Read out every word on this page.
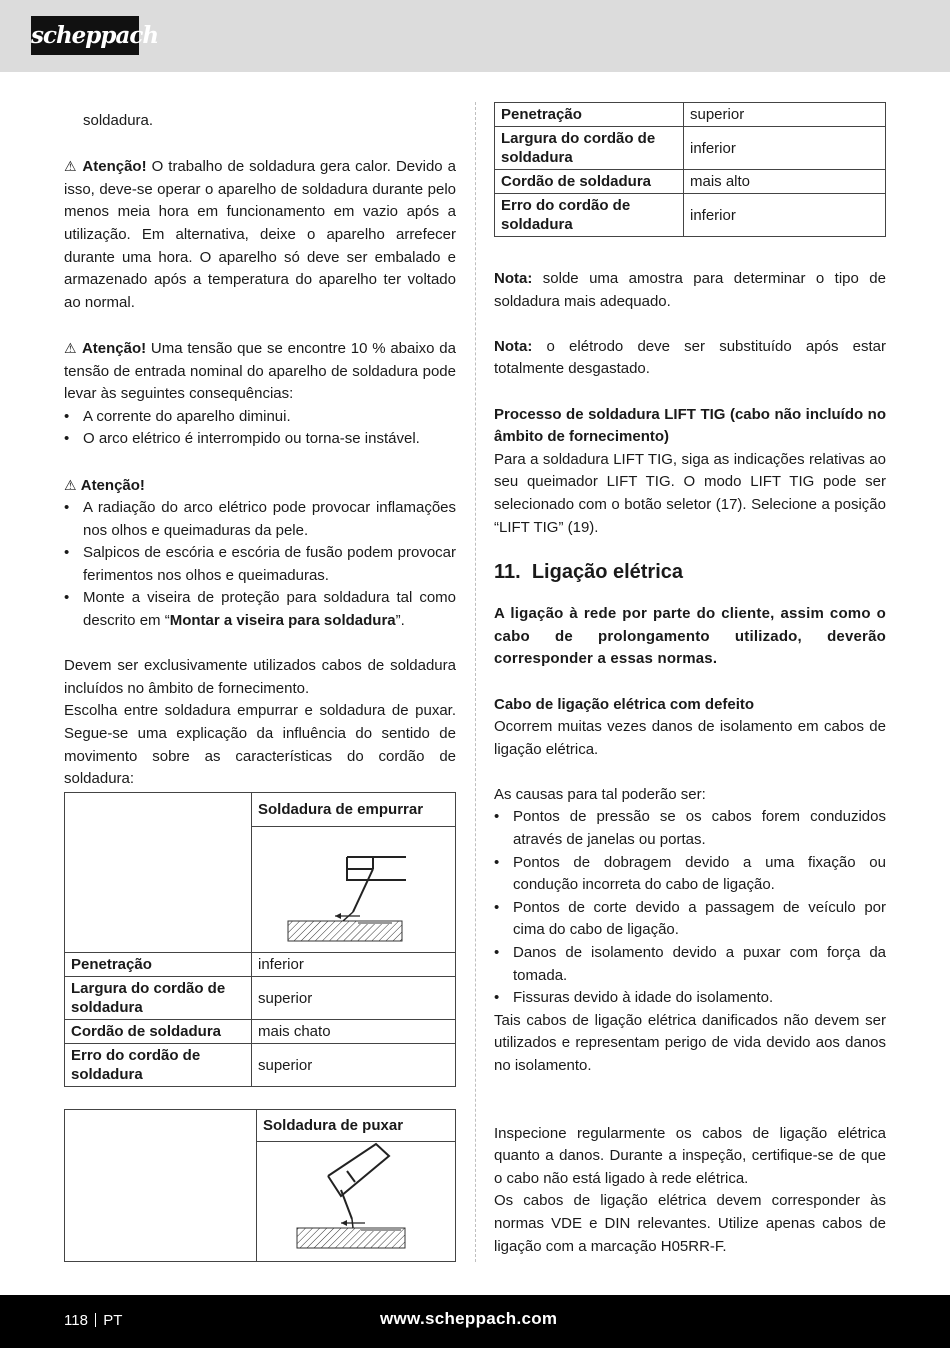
scheppach

soldadura.

⚠ Atenção! O trabalho de soldadura gera calor. Devido a isso, deve-se operar o aparelho de soldadura durante pelo menos meia hora em funcionamento em vazio após a utilização. Em alternativa, deixe o aparelho arrefecer durante uma hora. O aparelho só deve ser embalado e armazenado após a temperatura do aparelho ter voltado ao normal.

⚠ Atenção! Uma tensão que se encontre 10 % abaixo da tensão de entrada nominal do aparelho de soldadura pode levar às seguintes consequências:

• A corrente do aparelho diminui.
• O arco elétrico é interrompido ou torna-se instável.

⚠ Atenção!

• A radiação do arco elétrico pode provocar inflamações nos olhos e queimaduras da pele.
• Salpicos de escória e escória de fusão podem provocar ferimentos nos olhos e queimaduras.
• Monte a viseira de proteção para soldadura tal como descrito em “Montar a viseira para soldadura”.

Devem ser exclusivamente utilizados cabos de soldadura incluídos no âmbito de fornecimento.

Escolha entre soldadura empurrar e soldadura de puxar. Segue-se uma explicação da influência do sentido de movimento sobre as características do cordão de soldadura:

	Soldadura de empurrar

Penetração	inferior
Largura do cordão de soldadura	superior
Cordão de soldadura	mais chato
Erro do cordão de soldadura	superior
	Soldadura de puxar

Penetração	superior
Largura do cordão de soldadura	inferior
Cordão de soldadura	mais alto
Erro do cordão de soldadura	inferior

Nota: solde uma amostra para determinar o tipo de soldadura mais adequado.

Nota: o elétrodo deve ser substituído após estar totalmente desgastado.

Processo de soldadura LIFT TIG (cabo não incluído no âmbito de fornecimento)

Para a soldadura LIFT TIG, siga as indicações relativas ao seu queimador LIFT TIG. O modo LIFT TIG pode ser selecionado com o botão seletor (17). Selecione a posição “LIFT TIG” (19).

11. Ligação elétrica

A ligação à rede por parte do cliente, assim como o cabo de prolongamento utilizado, deverão corresponder a essas normas.

Cabo de ligação elétrica com defeito

Ocorrem muitas vezes danos de isolamento em cabos de ligação elétrica.

As causas para tal poderão ser:

• Pontos de pressão se os cabos forem conduzidos através de janelas ou portas.
• Pontos de dobragem devido a uma fixação ou condução incorreta do cabo de ligação.
• Pontos de corte devido a passagem de veículo por cima do cabo de ligação.
• Danos de isolamento devido a puxar com força da tomada.
• Fissuras devido à idade do isolamento.

Tais cabos de ligação elétrica danificados não devem ser utilizados e representam perigo de vida devido aos danos no isolamento.

Inspecione regularmente os cabos de ligação elétrica quanto a danos. Durante a inspeção, certifique-se de que o cabo não está ligado à rede elétrica.

Os cabos de ligação elétrica devem corresponder às normas VDE e DIN relevantes. Utilize apenas cabos de ligação com a marcação H05RR-F.

118 PT	www.scheppach.com
